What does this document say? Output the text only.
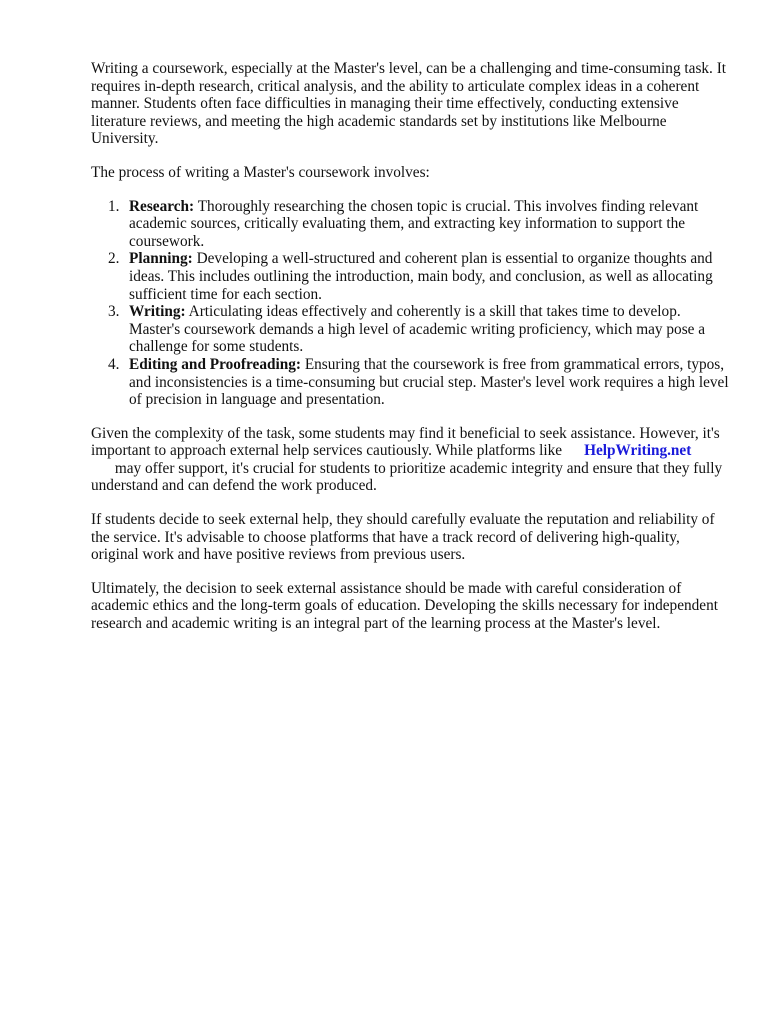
Writing a coursework, especially at the Master's level, can be a challenging and time-consuming task. It requires in-depth research, critical analysis, and the ability to articulate complex ideas in a coherent manner. Students often face difficulties in managing their time effectively, conducting extensive literature reviews, and meeting the high academic standards set by institutions like Melbourne University.

The process of writing a Master's coursework involves:

1. Research: Thoroughly researching the chosen topic is crucial. This involves finding relevant academic sources, critically evaluating them, and extracting key information to support the coursework.
2. Planning: Developing a well-structured and coherent plan is essential to organize thoughts and ideas. This includes outlining the introduction, main body, and conclusion, as well as allocating sufficient time for each section.
3. Writing: Articulating ideas effectively and coherently is a skill that takes time to develop. Master's coursework demands a high level of academic writing proficiency, which may pose a challenge for some students.
4. Editing and Proofreading: Ensuring that the coursework is free from grammatical errors, typos, and inconsistencies is a time-consuming but crucial step. Master's level work requires a high level of precision in language and presentation.

Given the complexity of the task, some students may find it beneficial to seek assistance. However, it's important to approach external help services cautiously. While platforms like HelpWriting.net
may offer support, it's crucial for students to prioritize academic integrity and ensure that they fully understand and can defend the work produced.

If students decide to seek external help, they should carefully evaluate the reputation and reliability of the service. It's advisable to choose platforms that have a track record of delivering high-quality, original work and have positive reviews from previous users.

Ultimately, the decision to seek external assistance should be made with careful consideration of academic ethics and the long-term goals of education. Developing the skills necessary for independent research and academic writing is an integral part of the learning process at the Master's level.
